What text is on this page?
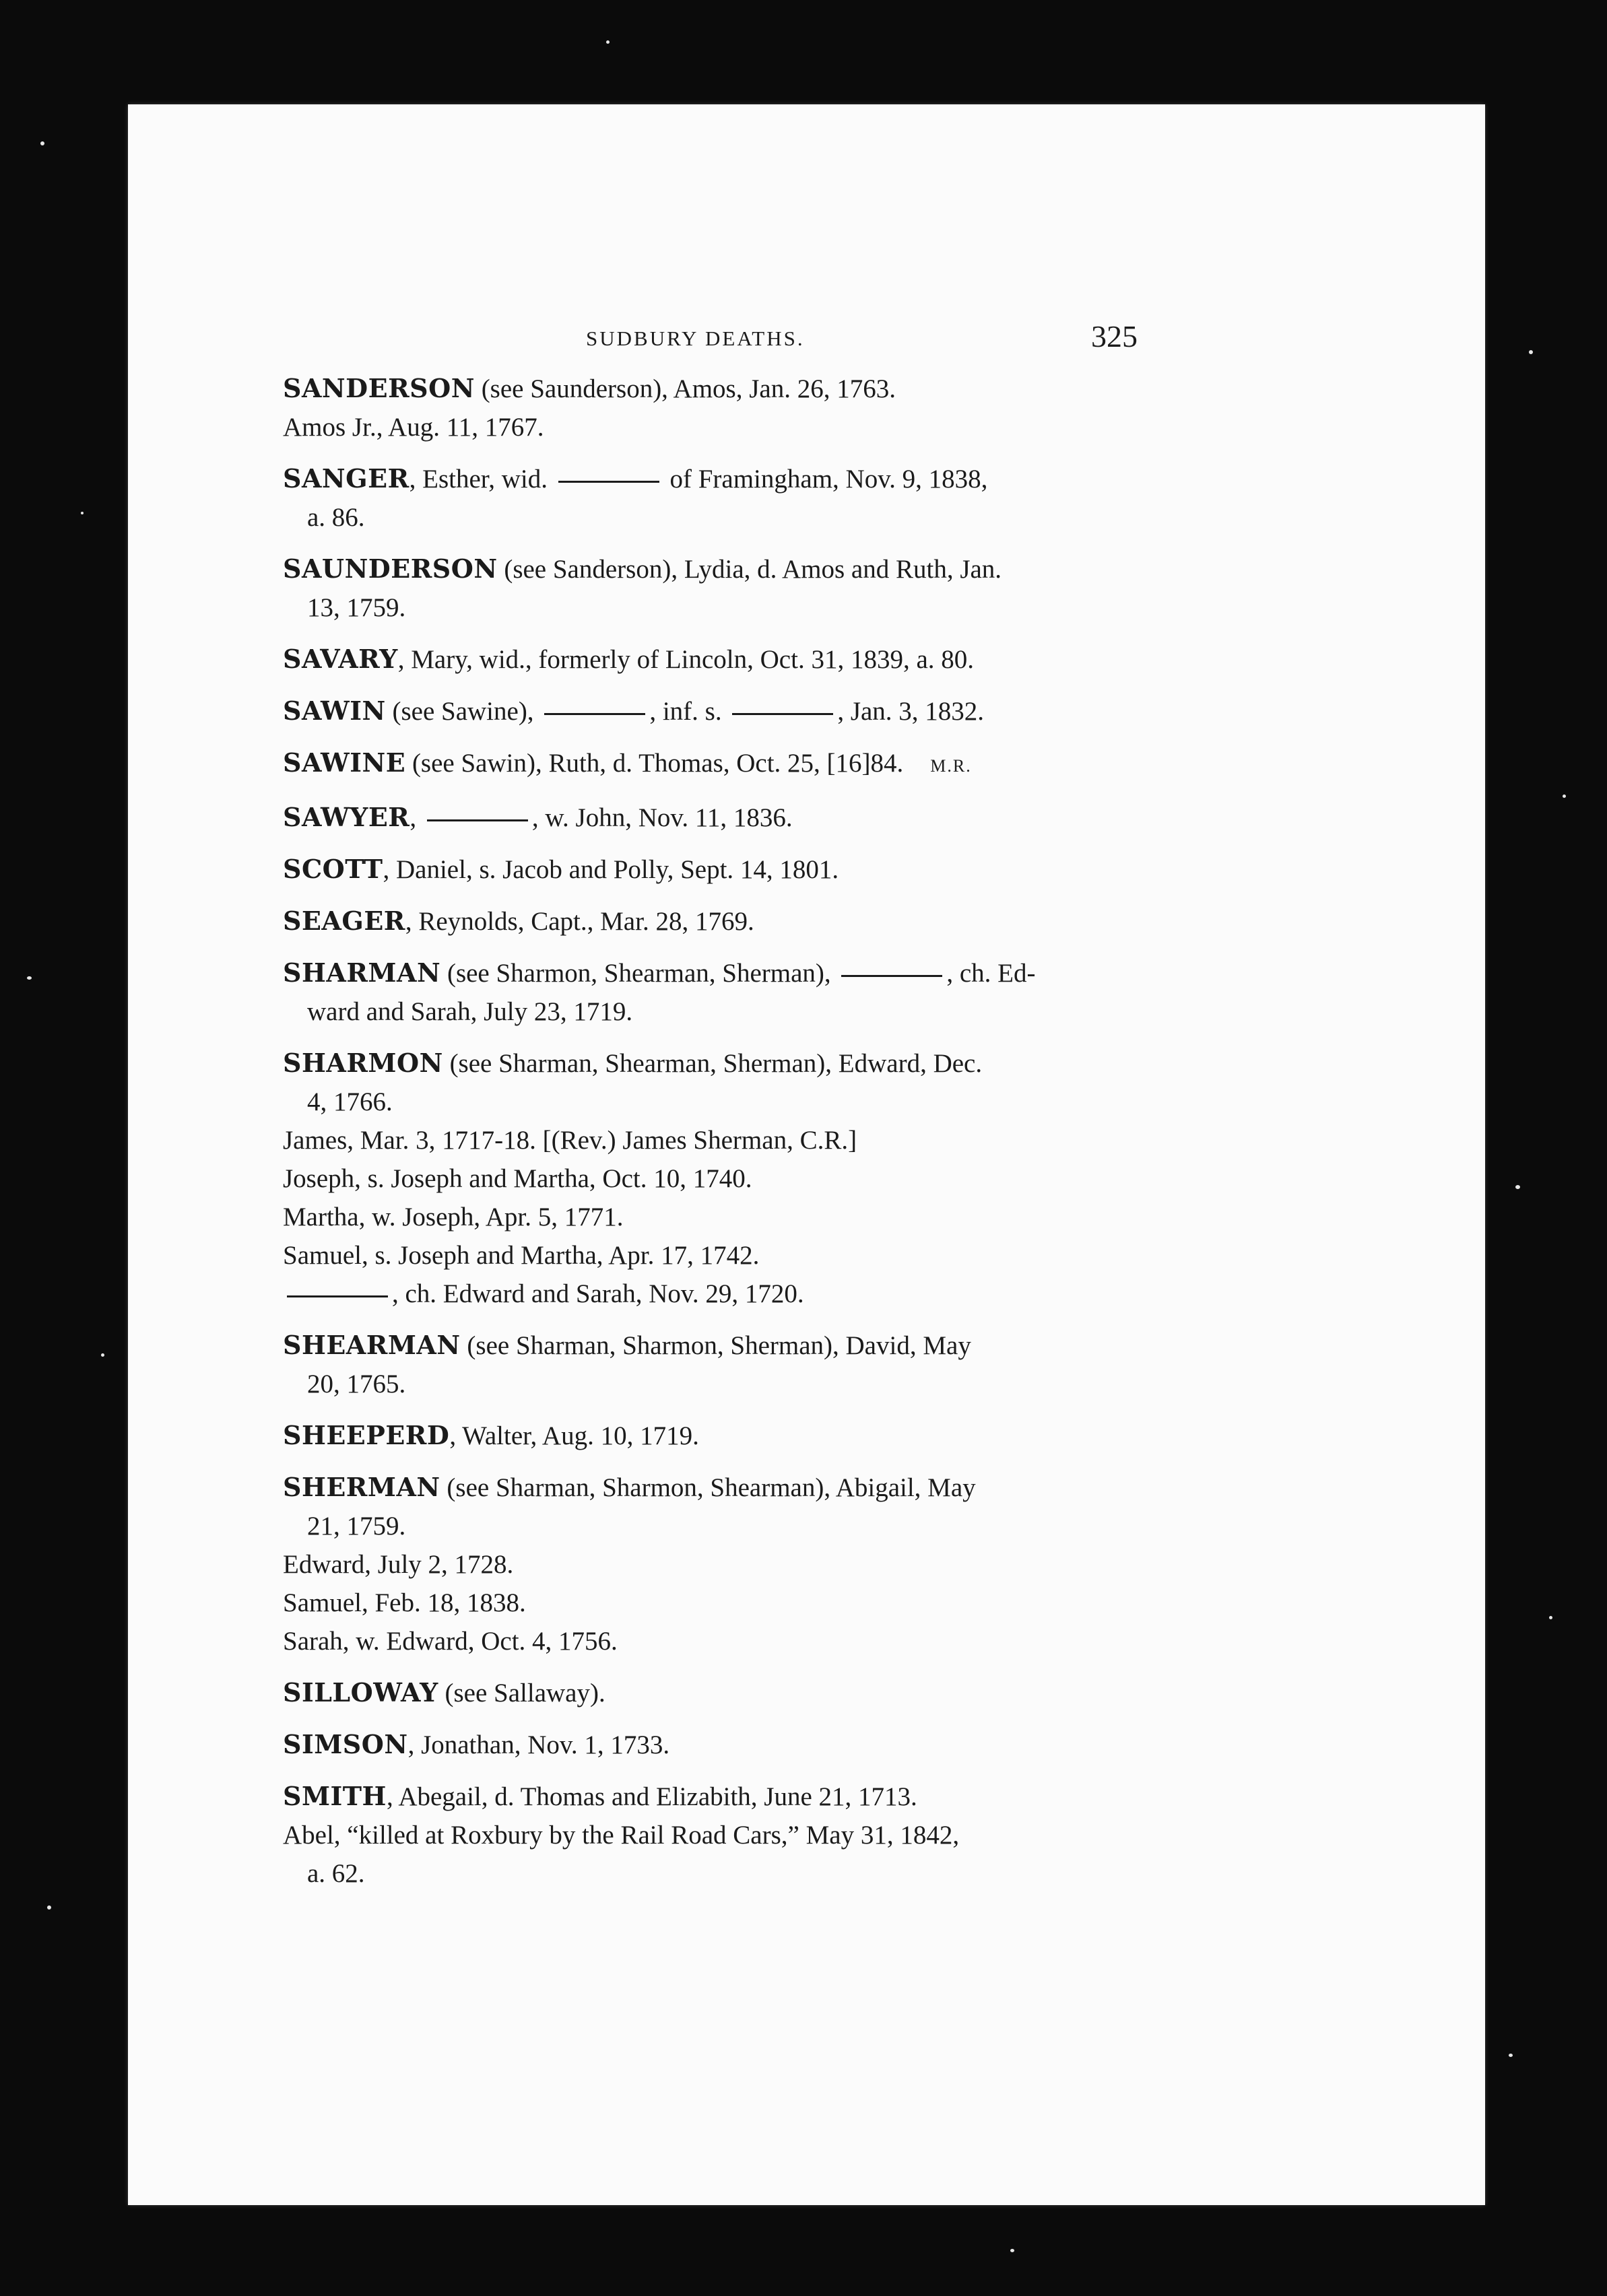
SUDBURY DEATHS.	325
SANDERSON (see Saunderson), Amos, Jan. 26, 1763.
Amos Jr., Aug. 11, 1767.
SANGER, Esther, wid.	of Framingham, Nov. 9, 1838,
a. 86.
SAUNDERSON (see Sanderson), Lydia, d. Amos and Ruth, Jan.
13, 1759.
SAVARY, Mary, wid., formerly of Lincoln, Oct. 31, 1839, a. 80.
SAWIN (see Sawine),	, inf. s.	, Jan. 3, 1832.
SAWINE (see Sawin), Ruth, d. Thomas, Oct. 25, [16]84. M.R.
SAWYER,	, w. John, Nov. 11, 1836.
SCOTT, Daniel, s. Jacob and Polly, Sept. 14, 1801.
SEAGER, Reynolds, Capt., Mar. 28, 1769.
SHARMAN (see Sharmon, Shearman, Sherman),	, ch. Ed-
ward and Sarah, July 23, 1719.
SHARMON (see Sharman, Shearman, Sherman), Edward, Dec.
4, 1766.
James, Mar. 3, 1717-18. [(Rev.) James Sherman, C.R.]
Joseph, s. Joseph and Martha, Oct. 10, 1740.
Martha, w. Joseph, Apr. 5, 1771.
Samuel, s. Joseph and Martha, Apr. 17, 1742.
, ch. Edward and Sarah, Nov. 29, 1720.
SHEARMAN (see Sharman, Sharmon, Sherman), David, May
20, 1765.
SHEEPERD, Walter, Aug. 10, 1719.
SHERMAN (see Sharman, Sharmon, Shearman), Abigail, May
21, 1759.
Edward, July 2, 1728.
Samuel, Feb. 18, 1838.
Sarah, w. Edward, Oct. 4, 1756.
SILLOWAY (see Sallaway).
SIMSON, Jonathan, Nov. 1, 1733.
SMITH, Abegail, d. Thomas and Elizabith, June 21, 1713.
Abel, “killed at Roxbury by the Rail Road Cars,” May 31, 1842,
a. 62.
